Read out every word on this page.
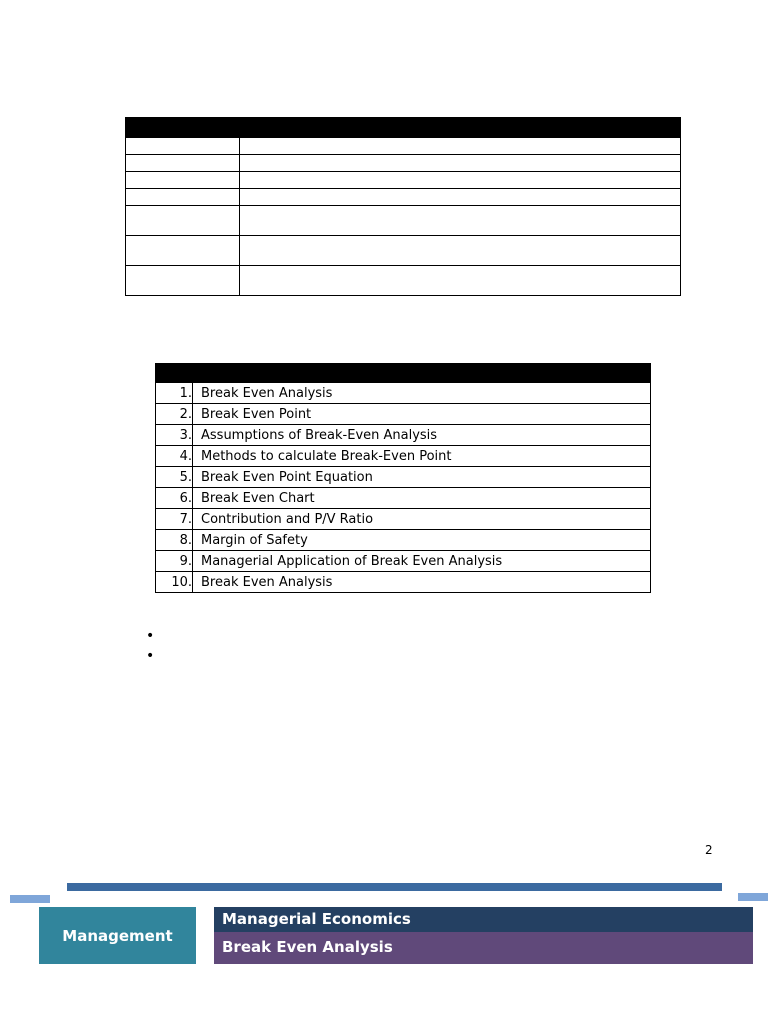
1.	Break Even Analysis
2.	Break Even Point
3.	Assumptions of Break-Even Analysis
4.	Methods to calculate Break-Even Point
5.	Break Even Point Equation
6.	Break Even Chart
7.	Contribution and P/V Ratio
8.	Margin of Safety
9.	Managerial Application of Break Even Analysis
10.	Break Even Analysis
•
•
2
Management
Managerial Economics
Break Even Analysis
